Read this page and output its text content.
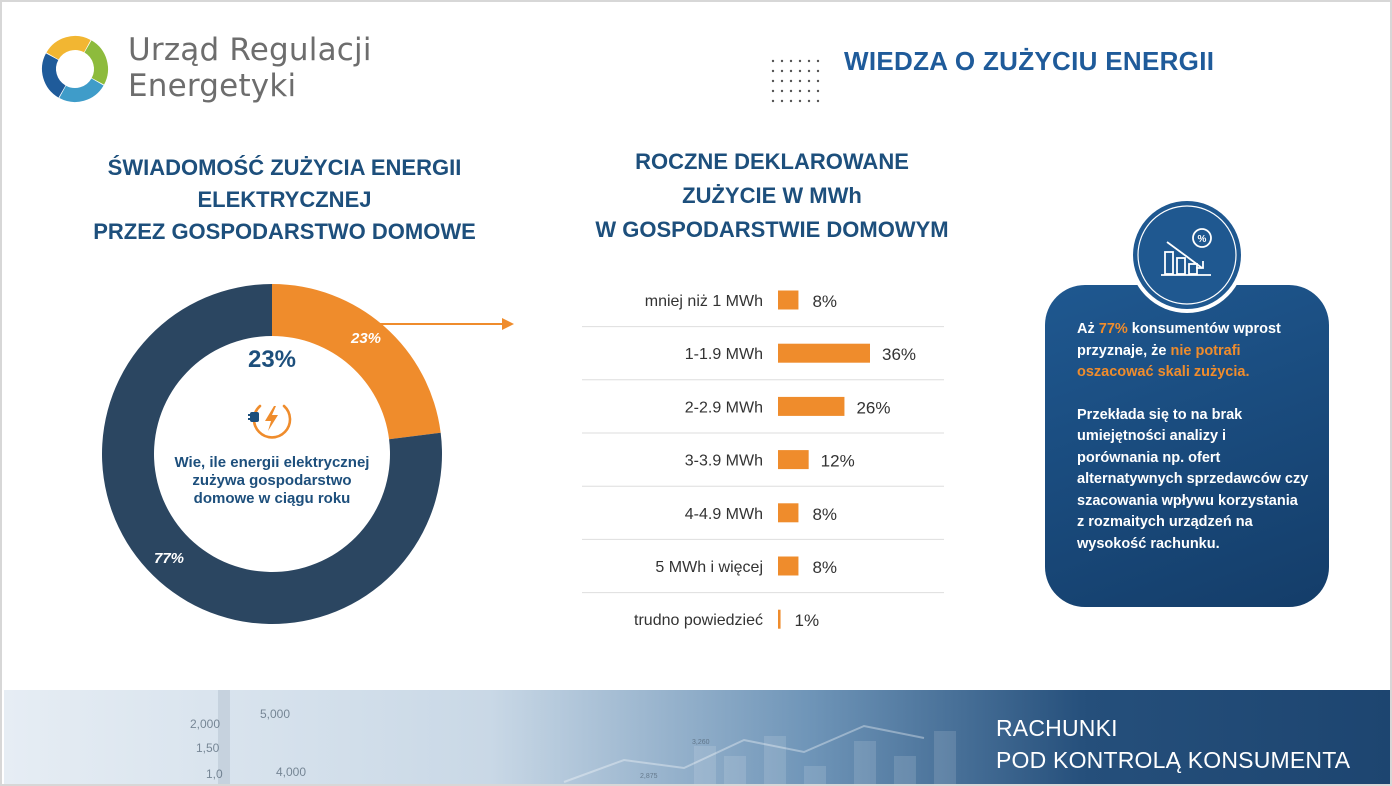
Urząd Regulacji
Energetyki
WIEDZA O ZUŻYCIU ENERGII
ŚWIADOMOŚĆ ZUŻYCIA ENERGII
ELEKTRYCZNEJ
PRZEZ GOSPODARSTWO DOMOWE
23%
77%
23%
Wie, ile energii elektrycznej zużywa gospodarstwo domowe w ciągu roku
ROCZNE DEKLAROWANE
ZUŻYCIE W MWh
W GOSPODARSTWIE DOMOWYM
mniej niż 1 MWh	8%
1-1.9 MWh	36%
2-2.9 MWh	26%
3-3.9 MWh	12%
4-4.9 MWh	8%
5 MWh i więcej	8%
trudno powiedzieć 1%

Aż 77% konsumentów wprost przyznaje, że nie potrafi oszacować skali zużycia.

Przekłada się to na brak umiejętności analizy i porównania np. ofert alternatywnych sprzedawców czy szacowania wpływu korzystania z rozmaitych urządzeń na wysokość rachunku.

%
2,000
5,000
1,50
1,0	4,000
3,260
2,875
RACHUNKI
POD KONTROLĄ KONSUMENTA
